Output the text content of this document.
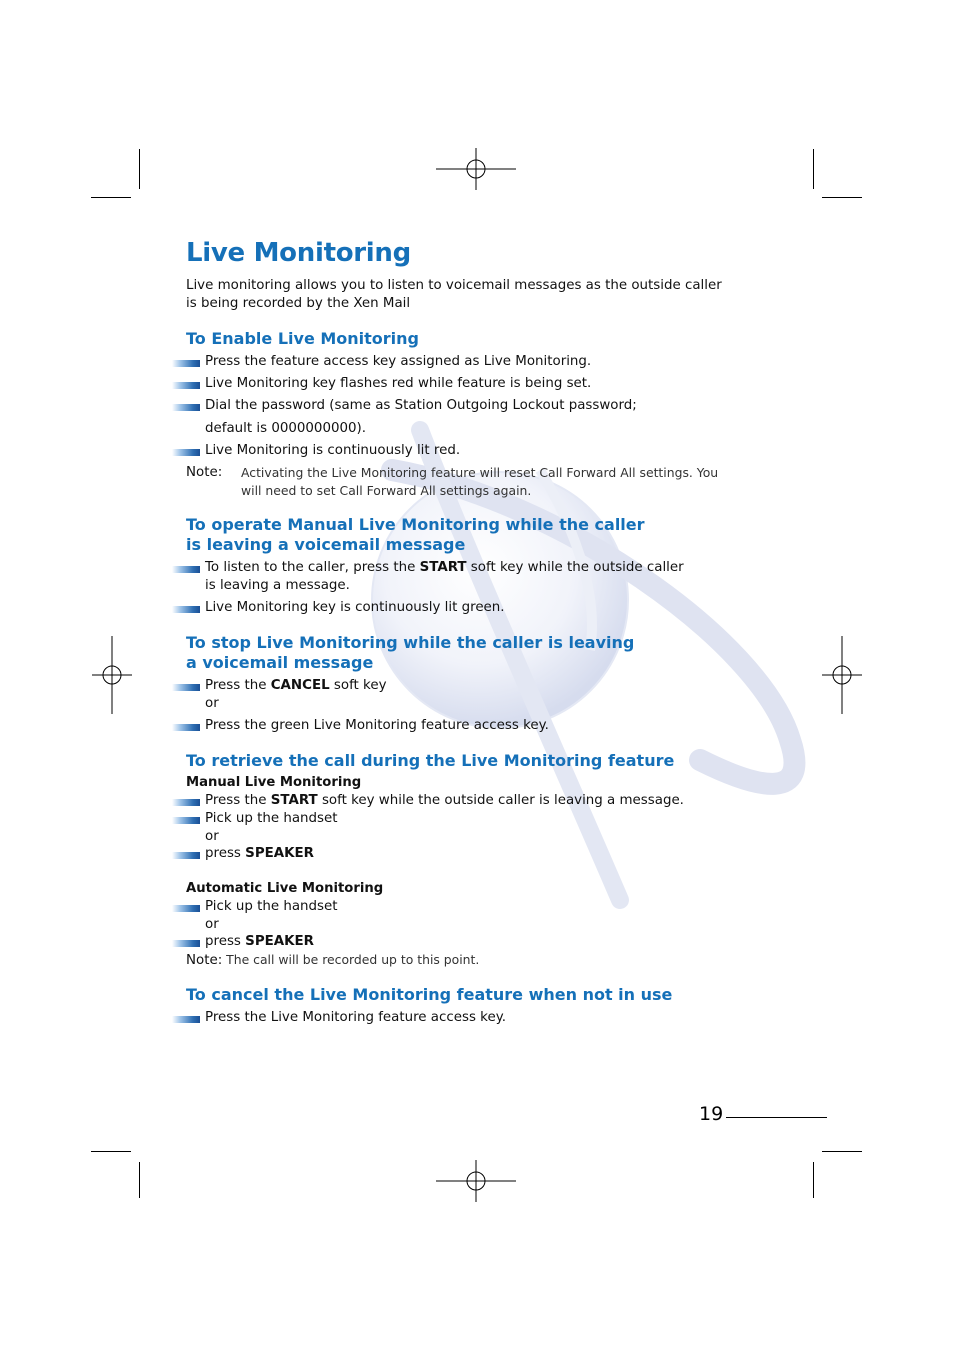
Live Monitoring
Live monitoring allows you to listen to voicemail messages as the outside caller
is being recorded by the Xen Mail
To Enable Live Monitoring
Press the feature access key assigned as Live Monitoring.
Live Monitoring key flashes red while feature is being set.
Dial the password (same as Station Outgoing Lockout password;
default is 0000000000).
Live Monitoring is continuously lit red.
Note: Activating the Live Monitoring feature will reset Call Forward All settings. You
will need to set Call Forward All settings again.
To operate Manual Live Monitoring while the caller
is leaving a voicemail message
To listen to the caller, press the START soft key while the outside caller
is leaving a message.
Live Monitoring key is continuously lit green.
To stop Live Monitoring while the caller is leaving
a voicemail message
Press the CANCEL soft key
or
Press the green Live Monitoring feature access key.
To retrieve the call during the Live Monitoring feature
Manual Live Monitoring
Press the START soft key while the outside caller is leaving a message.
Pick up the handset
or
press SPEAKER
Automatic Live Monitoring
Pick up the handset
or
press SPEAKER
Note: The call will be recorded up to this point.
To cancel the Live Monitoring feature when not in use
Press the Live Monitoring feature access key.
19
